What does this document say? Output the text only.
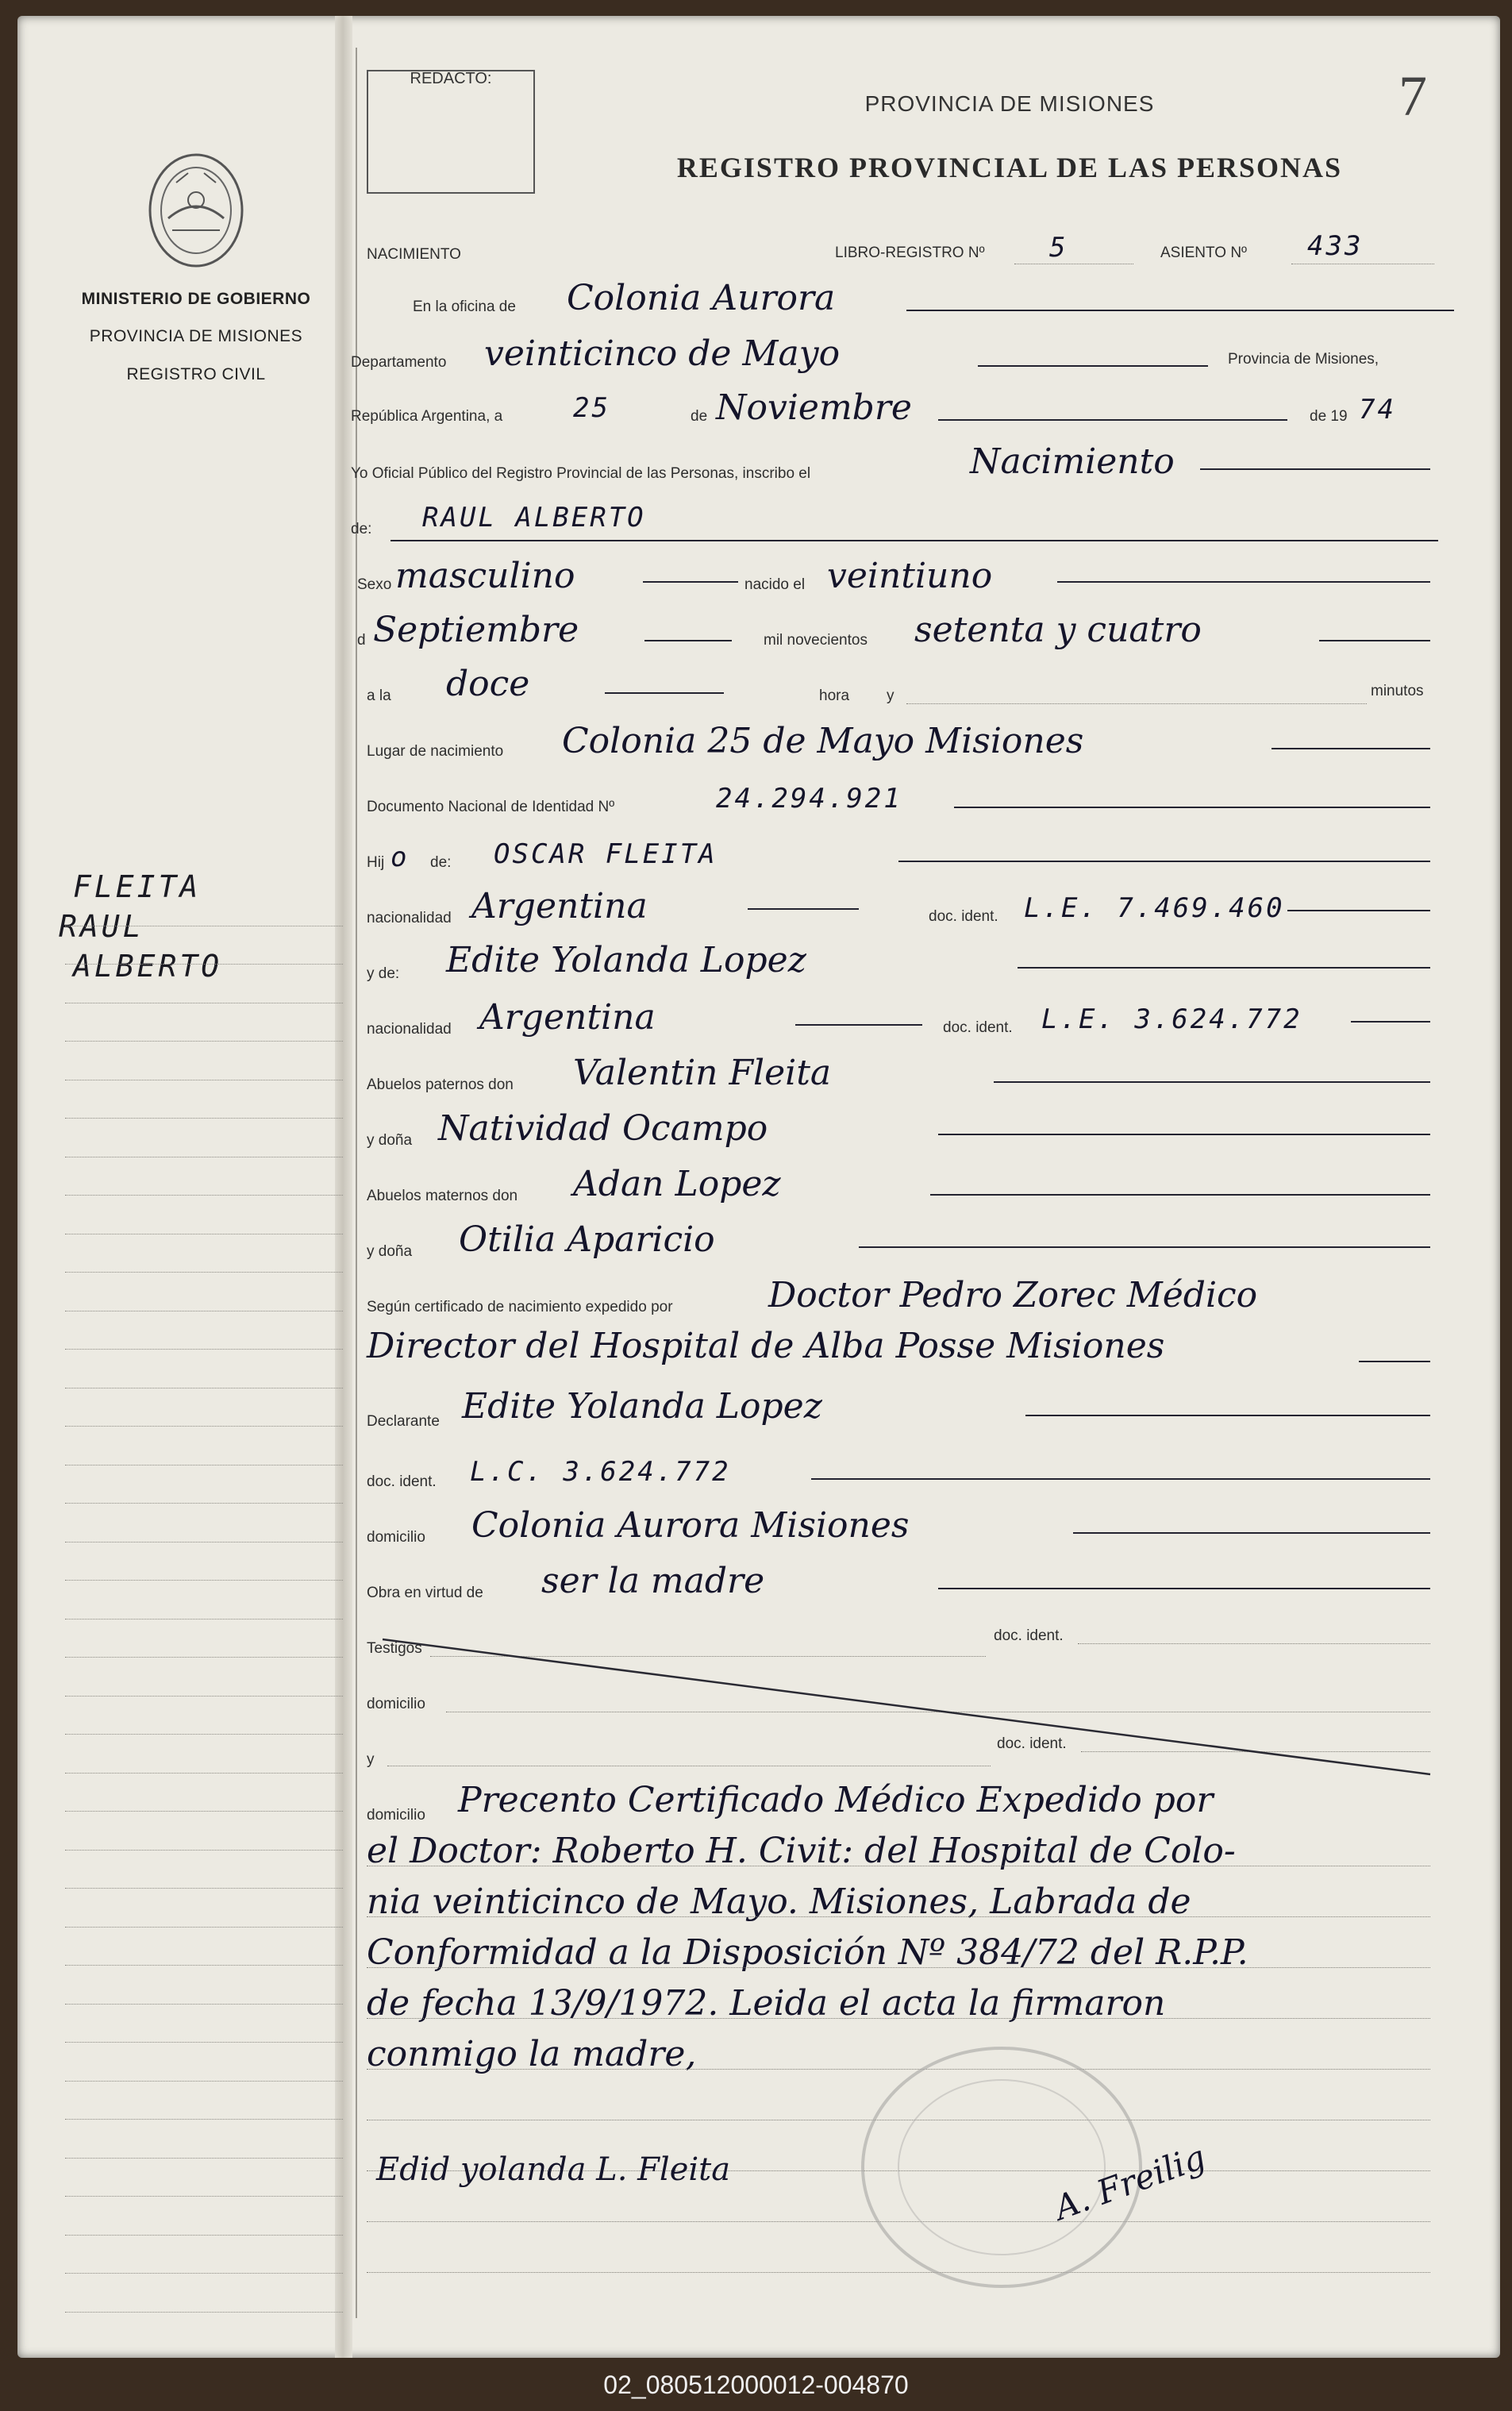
MINISTERIO DE GOBIERNO
PROVINCIA DE MISIONES
REGISTRO CIVIL
FLEITA
RAUL
ALBERTO
REDACTO:
PROVINCIA DE MISIONES
REGISTRO PROVINCIAL DE LAS PERSONAS
7
NACIMIENTO	LIBRO-REGISTRO Nº 5	ASIENTO Nº 433
En la oficina de Colonia Aurora
Departamento veinticinco de Mayo	Provincia de Misiones,
República Argentina, a	25	de Noviembre	de 19 74
Yo Oficial Público del Registro Provincial de las Personas, inscribo el	Nacimiento
de: RAUL ALBERTO
Sexo masculino	nacido el veintiuno
d Septiembre	mil novecientos setenta y cuatro
a la doce	hora y	minutos
Lugar de nacimiento Colonia 25 de Mayo Misiones
Documento Nacional de Identidad Nº	24.294.921
Hij o de: OSCAR FLEITA
nacionalidad Argentina	doc. ident. L.E. 7.469.460
y de: Edite Yolanda Lopez
nacionalidad Argentina	doc. ident. L.E. 3.624.772
Abuelos paternos don Valentin Fleita
y doña Natividad Ocampo
Abuelos maternos don Adan Lopez
y doña Otilia Aparicio
Según certificado de nacimiento expedido por	Doctor Pedro Zorec Médico
Director del Hospital de Alba Posse Misiones
Declarante Edite Yolanda Lopez
doc. ident. L.C. 3.624.772
domicilio Colonia Aurora Misiones
Obra en virtud de ser la madre
Testigos
doc. ident.
domicilio
y
doc. ident.
domicilio Precento Certificado Médico Expedido por
el Doctor: Roberto H. Civit: del Hospital de Colo-
nia veinticinco de Mayo. Misiones, Labrada de
Conformidad a la Disposición Nº 384/72 del R.P.P.
de fecha 13/9/1972. Leida el acta la firmaron
conmigo la madre,
Edid yolanda L. Fleita	A. Freilig
02_080512000012-004870
